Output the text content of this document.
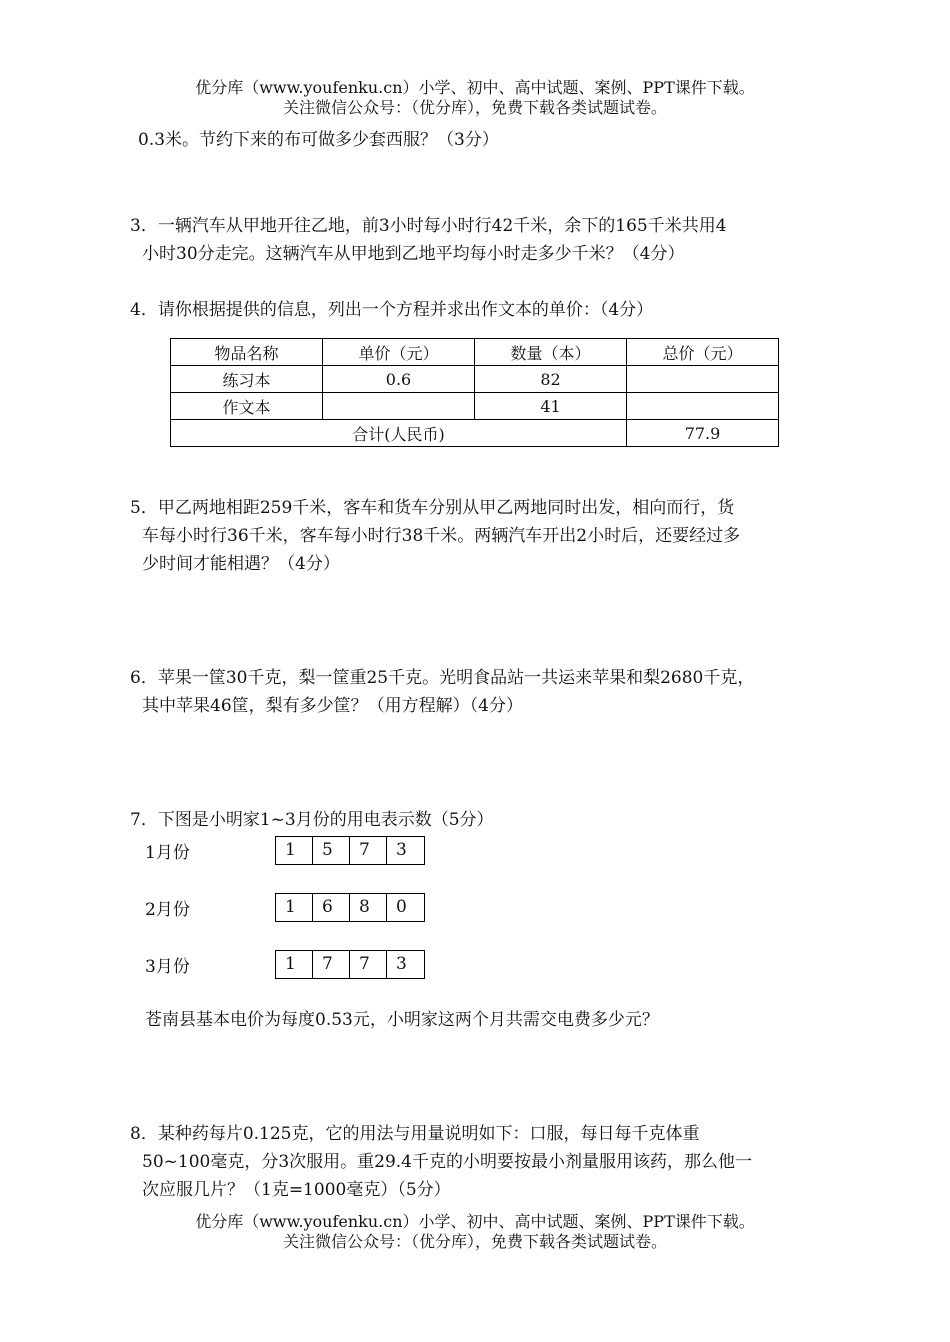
优分库（www.youfenku.cn）小学、初中、高中试题、案例、PPT课件下载。
关注微信公众号：（优分库），免费下载各类试题试卷。
0.3米。节约下来的布可做多少套西服？（3分）
3．一辆汽车从甲地开往乙地，前3小时每小时行42千米，余下的165千米共用4
小时30分走完。这辆汽车从甲地到乙地平均每小时走多少千米？（4分）
4．请你根据提供的信息，列出一个方程并求出作文本的单价：（4分）
物品名称	单价（元）	数量（本）	总价（元）
练习本	0.6	82	
作文本		41	
合计(人民币)			77.9
5．甲乙两地相距259千米，客车和货车分别从甲乙两地同时出发，相向而行，货
车每小时行36千米，客车每小时行38千米。两辆汽车开出2小时后，还要经过多
少时间才能相遇？（4分）
6．苹果一筐30千克，梨一筐重25千克。光明食品站一共运来苹果和梨2680千克，
其中苹果46筐，梨有多少筐？（用方程解）（4分）
7．下图是小明家1~3月份的用电表示数（5分）
1月份	1	5	7	3
2月份	1	6	8	0
3月份	1	7	7	3
苍南县基本电价为每度0.53元，小明家这两个月共需交电费多少元？
8．某种药每片0.125克，它的用法与用量说明如下：口服，每日每千克体重
50~100毫克，分3次服用。重29.4千克的小明要按最小剂量服用该药，那么他一
次应服几片？（1克=1000毫克）（5分）
优分库（www.youfenku.cn）小学、初中、高中试题、案例、PPT课件下载。
关注微信公众号：（优分库），免费下载各类试题试卷。
